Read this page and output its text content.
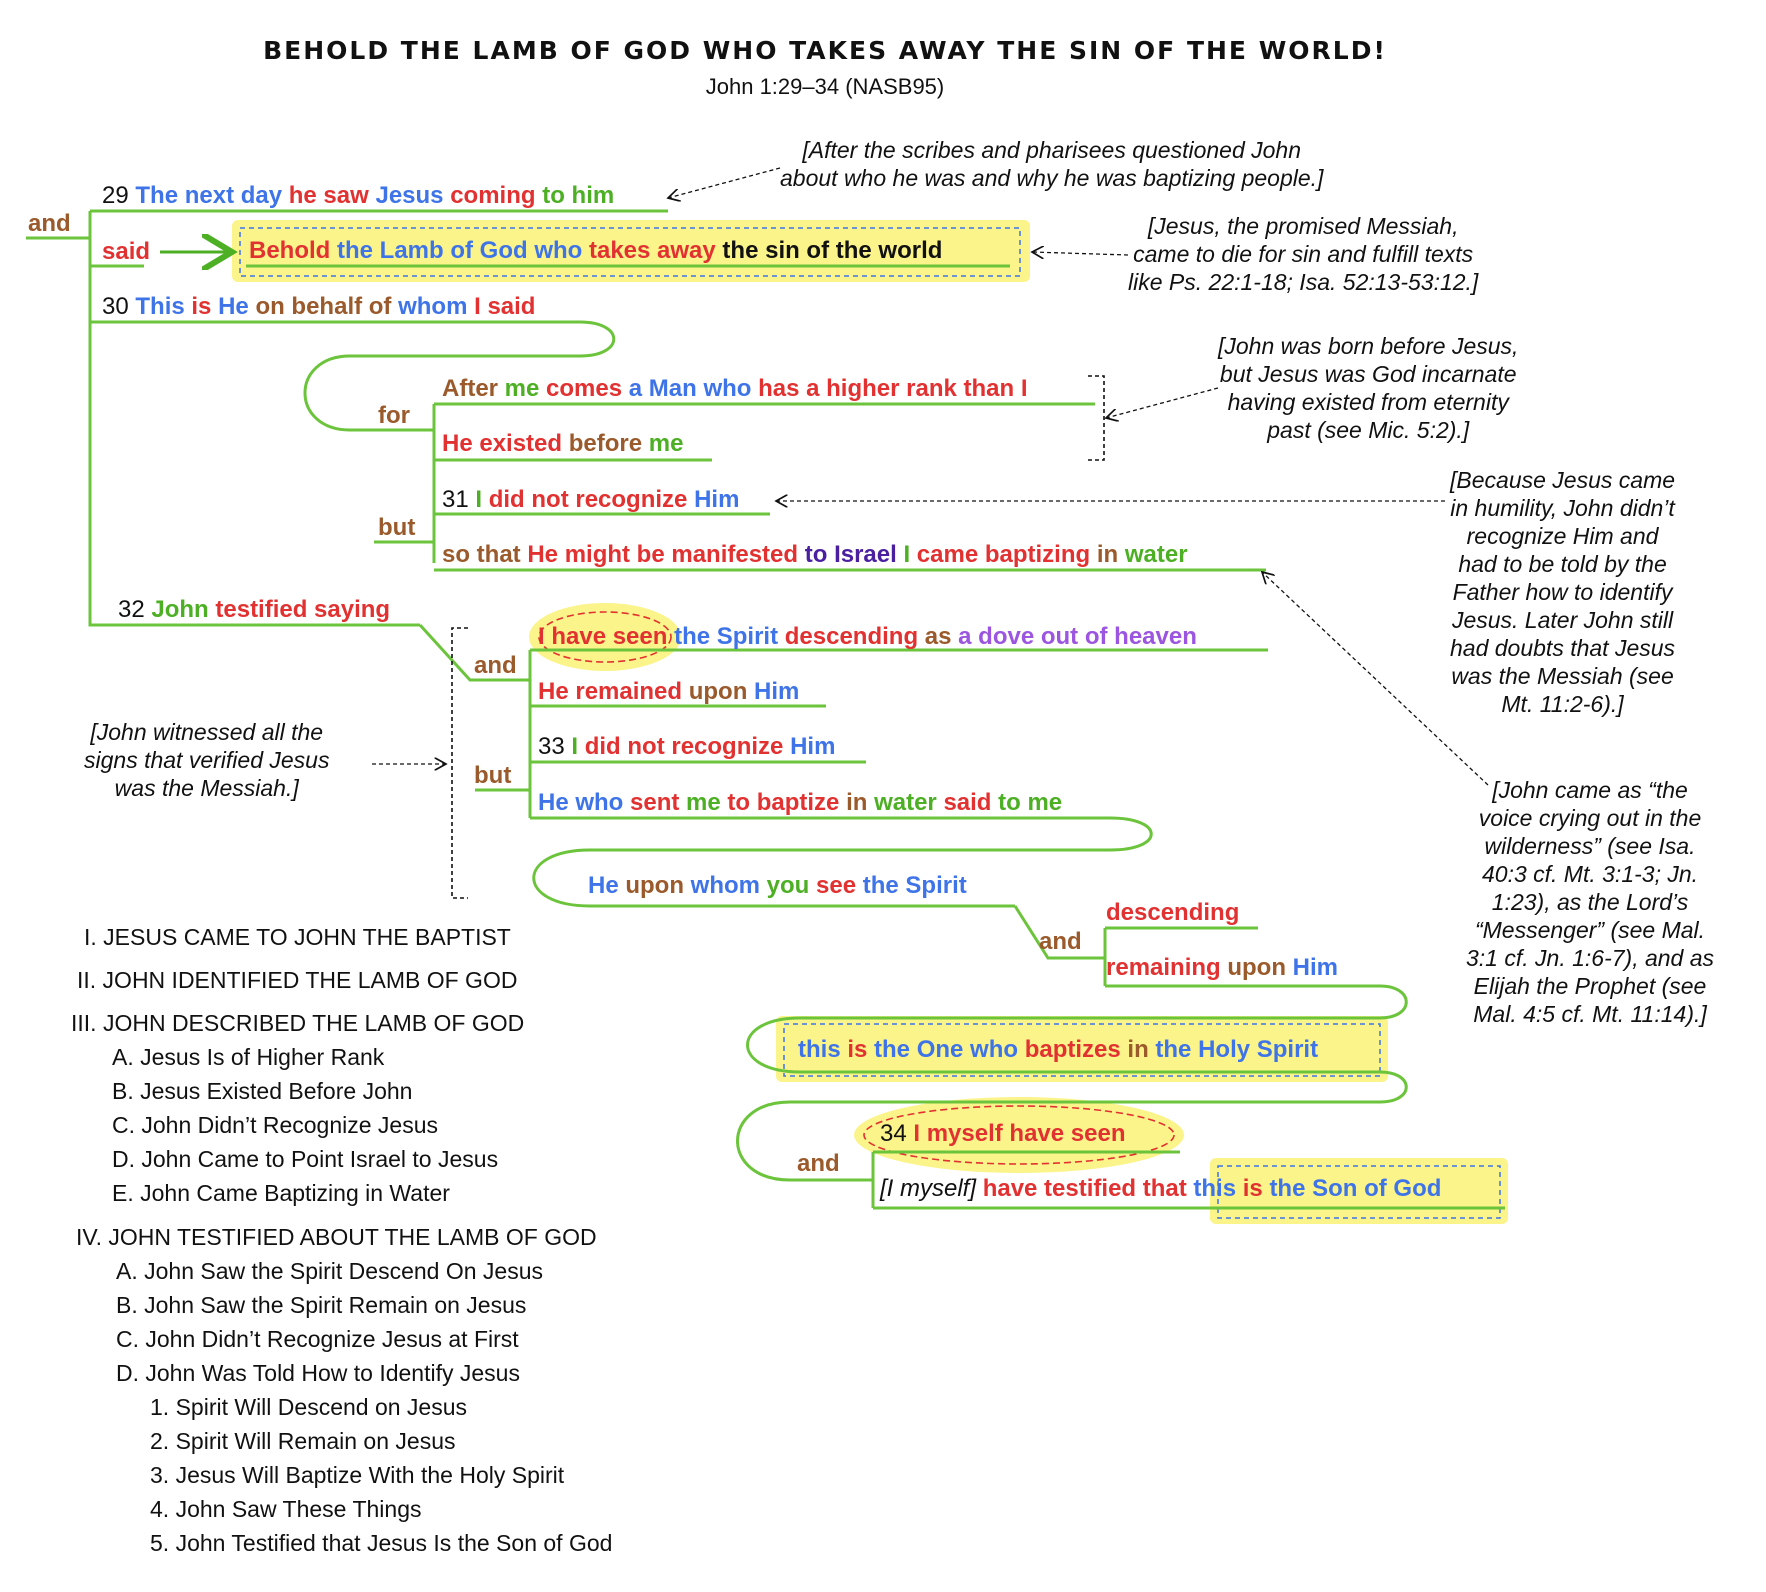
BEHOLD THE LAMB OF GOD WHO TAKES AWAY THE SIN OF THE WORLD!
John 1:29–34 (NASB95)
and
for
but
and
but
and
and
29 The next day he saw Jesus coming to him
said	Behold the Lamb of God who takes away the sin of the world
30 This is He on behalf of whom I said
After me comes a Man who has a higher rank than I
He existed before me
31 I did not recognize Him
so that He might be manifested to Israel I came baptizing in water
32 John testified saying
I have seen the Spirit descending as a dove out of heaven
He remained upon Him
33 I did not recognize Him
He who sent me to baptize in water said to me
He upon whom you see the Spirit
descending
remaining upon Him
this is the One who baptizes in the Holy Spirit
34 I myself have seen
[I myself] have testified that this is the Son of God
[After the scribes and pharisees questioned John
about who he was and why he was baptizing people.]
[Jesus, the promised Messiah,
came to die for sin and fulfill texts
like Ps. 22:1-18; Isa. 52:13-53:12.]
[John was born before Jesus,
but Jesus was God incarnate
having existed from eternity
past (see Mic. 5:2).]
[Because Jesus came
in humility, John didn’t
recognize Him and
had to be told by the
Father how to identify
Jesus. Later John still
had doubts that Jesus
was the Messiah (see
Mt. 11:2-6).]
[John came as “the
voice crying out in the
wilderness” (see Isa.
40:3 cf. Mt. 3:1-3; Jn.
1:23), as the Lord’s
“Messenger” (see Mal.
3:1 cf. Jn. 1:6-7), and as
Elijah the Prophet (see
Mal. 4:5 cf. Mt. 11:14).]
[John witnessed all the
signs that verified Jesus
was the Messiah.]
I. JESUS CAME TO JOHN THE BAPTIST
II. JOHN IDENTIFIED THE LAMB OF GOD
III. JOHN DESCRIBED THE LAMB OF GOD
A. Jesus Is of Higher Rank
B. Jesus Existed Before John
C. John Didn’t Recognize Jesus
D. John Came to Point Israel to Jesus
E. John Came Baptizing in Water
IV. JOHN TESTIFIED ABOUT THE LAMB OF GOD
A. John Saw the Spirit Descend On Jesus
B. John Saw the Spirit Remain on Jesus
C. John Didn’t Recognize Jesus at First
D. John Was Told How to Identify Jesus
1. Spirit Will Descend on Jesus
2. Spirit Will Remain on Jesus
3. Jesus Will Baptize With the Holy Spirit
4. John Saw These Things
5. John Testified that Jesus Is the Son of God
